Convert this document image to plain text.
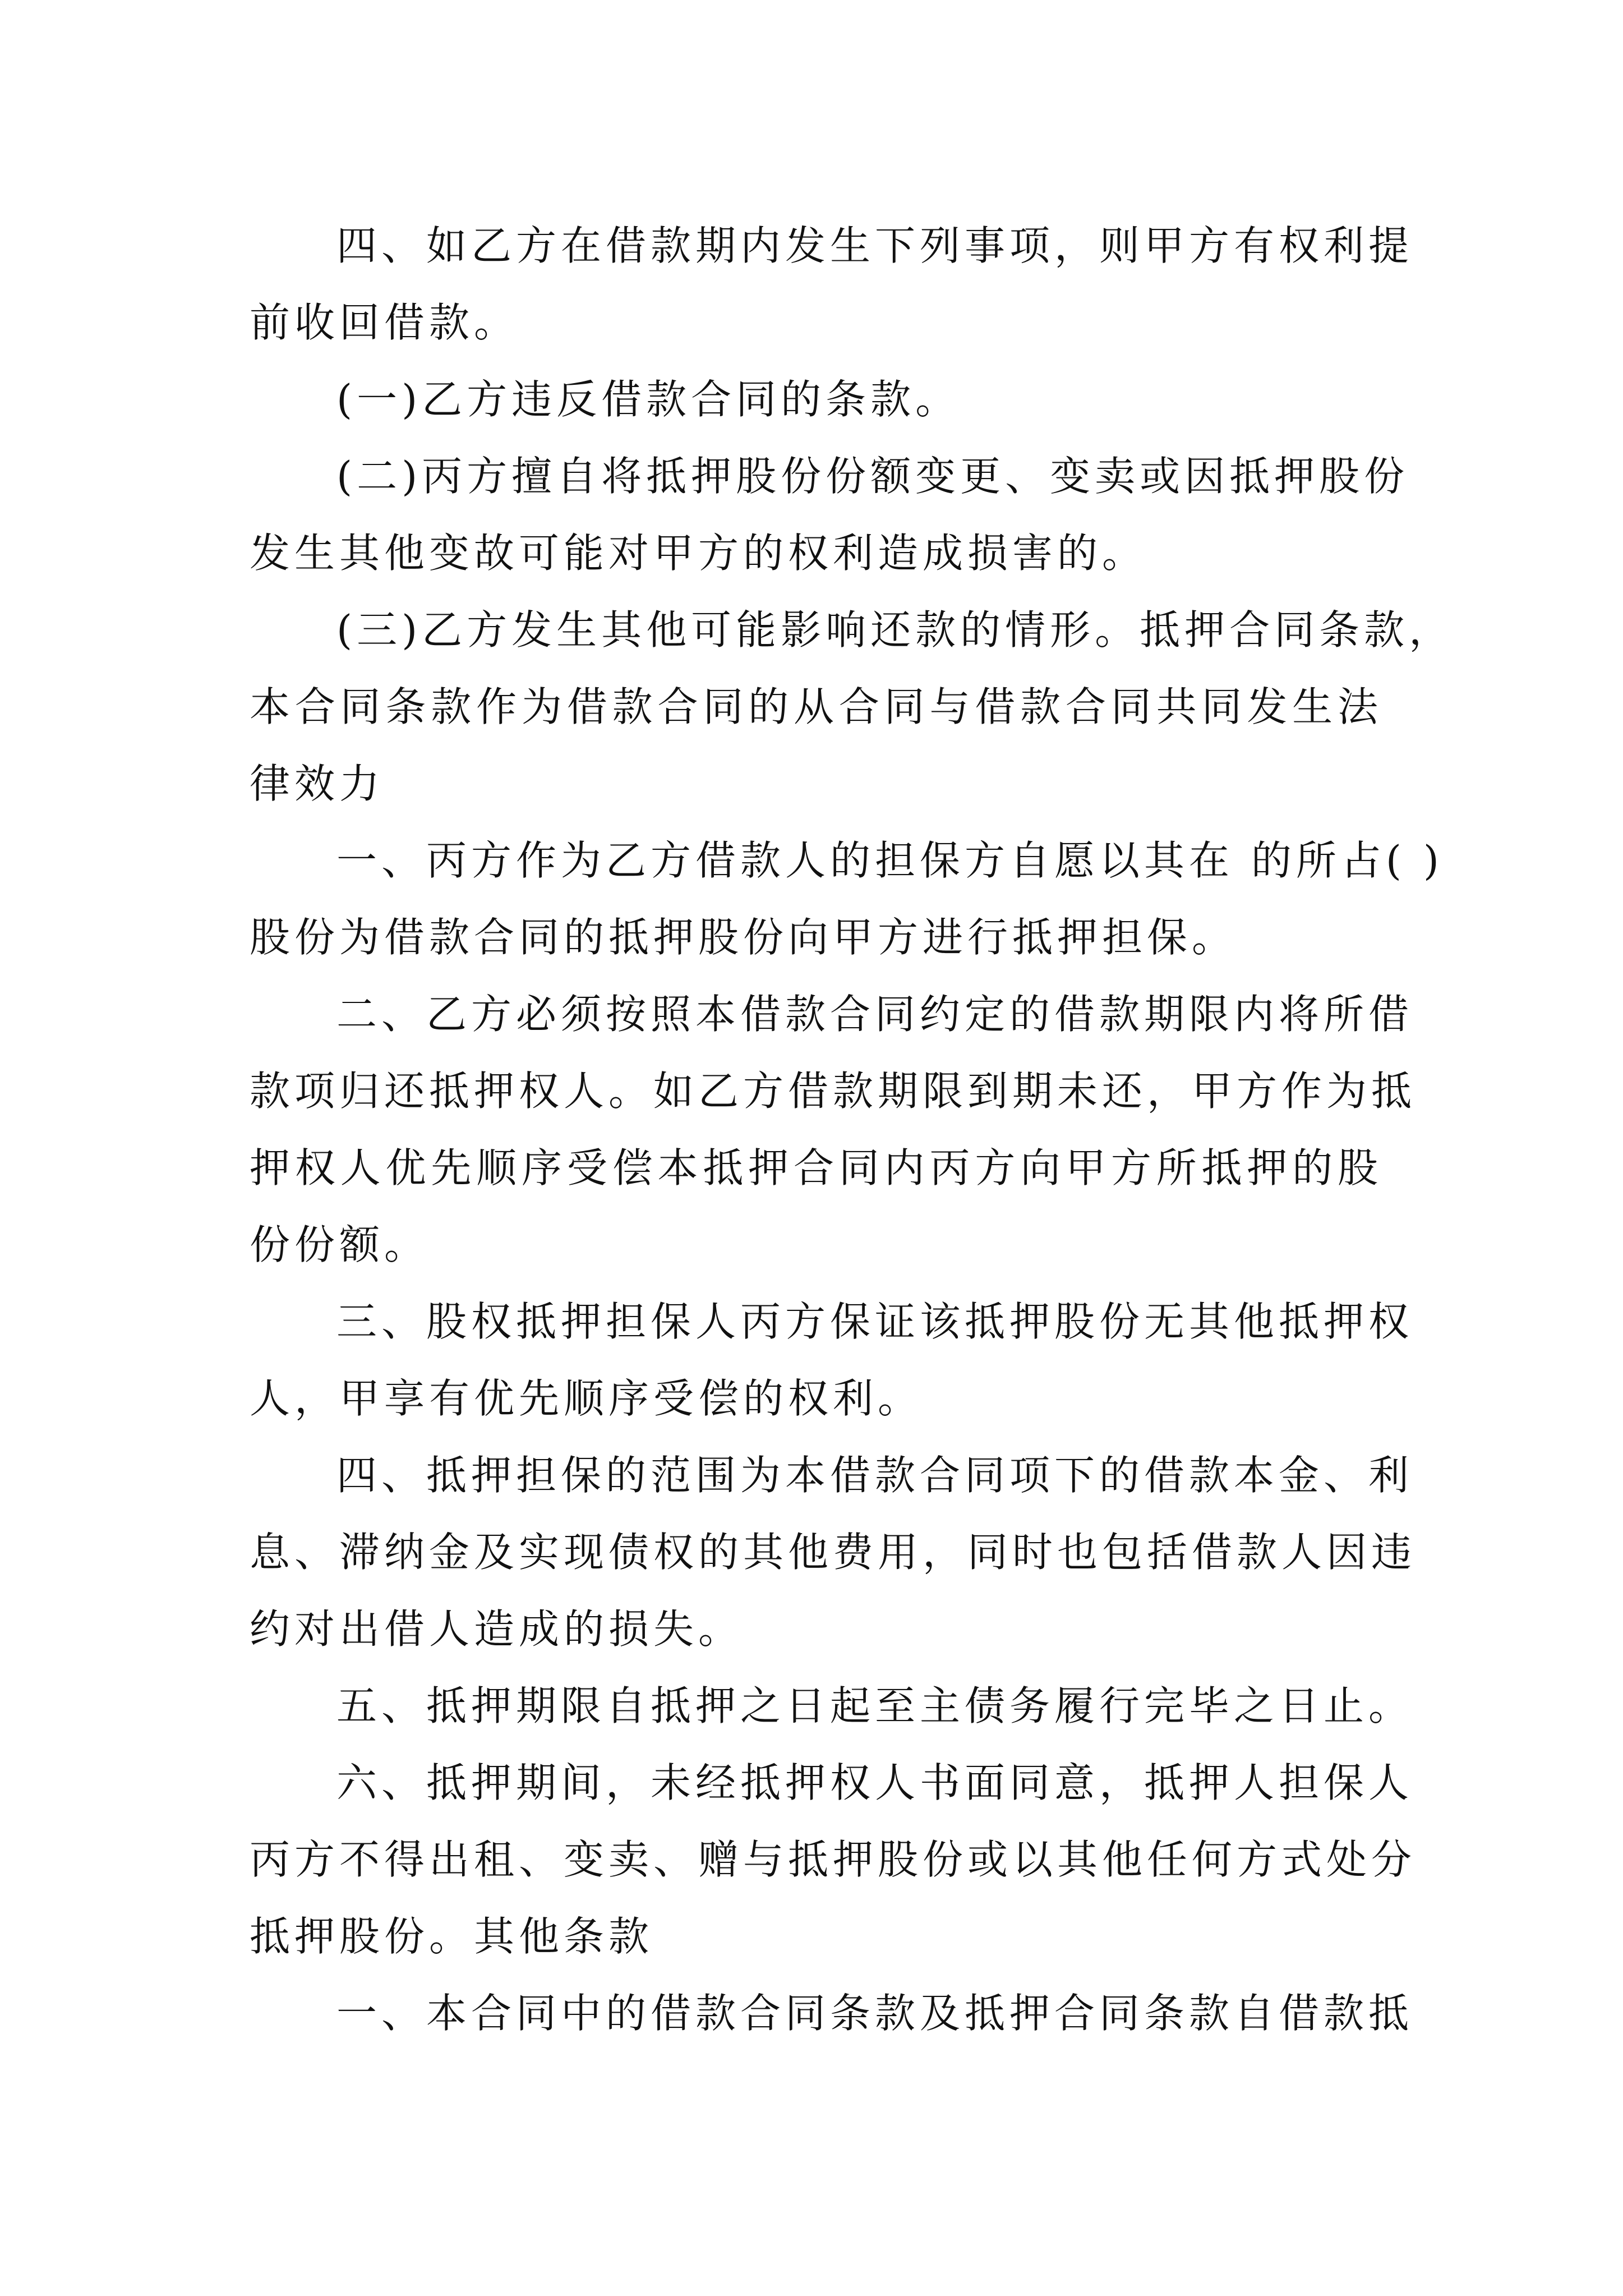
四、如乙方在借款期内发生下列事项，则甲方有权利提
前收回借款。
(一)乙方违反借款合同的条款。
(二)丙方擅自将抵押股份份额变更、变卖或因抵押股份
发生其他变故可能对甲方的权利造成损害的。
(三)乙方发生其他可能影响还款的情形。抵押合同条款，
本合同条款作为借款合同的从合同与借款合同共同发生法
律效力
一、丙方作为乙方借款人的担保方自愿以其在 的所占( )
股份为借款合同的抵押股份向甲方进行抵押担保。
二、乙方必须按照本借款合同约定的借款期限内将所借
款项归还抵押权人。如乙方借款期限到期未还，甲方作为抵
押权人优先顺序受偿本抵押合同内丙方向甲方所抵押的股
份份额。
三、股权抵押担保人丙方保证该抵押股份无其他抵押权
人，甲享有优先顺序受偿的权利。
四、抵押担保的范围为本借款合同项下的借款本金、利
息、滞纳金及实现债权的其他费用，同时也包括借款人因违
约对出借人造成的损失。
五、抵押期限自抵押之日起至主债务履行完毕之日止。
六、抵押期间，未经抵押权人书面同意，抵押人担保人
丙方不得出租、变卖、赠与抵押股份或以其他任何方式处分
抵押股份。其他条款
一、本合同中的借款合同条款及抵押合同条款自借款抵
